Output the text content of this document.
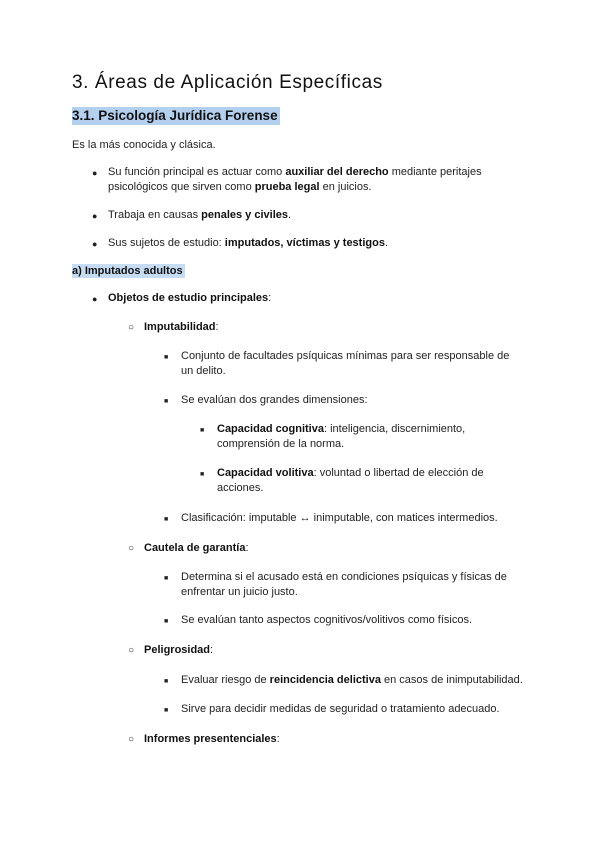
3. Áreas de Aplicación Específicas
3.1. Psicología Jurídica Forense
Es la más conocida y clásica.
● Su función principal es actuar como auxiliar del derecho mediante peritajes
psicológicos que sirven como prueba legal en juicios.
● Trabaja en causas penales y civiles.
● Sus sujetos de estudio: imputados, víctimas y testigos.
a) Imputados adultos
● Objetos de estudio principales:
○ Imputabilidad:
■ Conjunto de facultades psíquicas mínimas para ser responsable de
un delito.
■ Se evalúan dos grandes dimensiones:
■ Capacidad cognitiva: inteligencia, discernimiento,
comprensión de la norma.
■ Capacidad volitiva: voluntad o libertad de elección de
acciones.
■ Clasificación: imputable ↔ inimputable, con matices intermedios.
○ Cautela de garantía:
■ Determina si el acusado está en condiciones psíquicas y físicas de
enfrentar un juicio justo.
■ Se evalúan tanto aspectos cognitivos/volitivos como físicos.
○ Peligrosidad:
■ Evaluar riesgo de reincidencia delictiva en casos de inimputabilidad.
■ Sirve para decidir medidas de seguridad o tratamiento adecuado.
○ Informes presentenciales:
